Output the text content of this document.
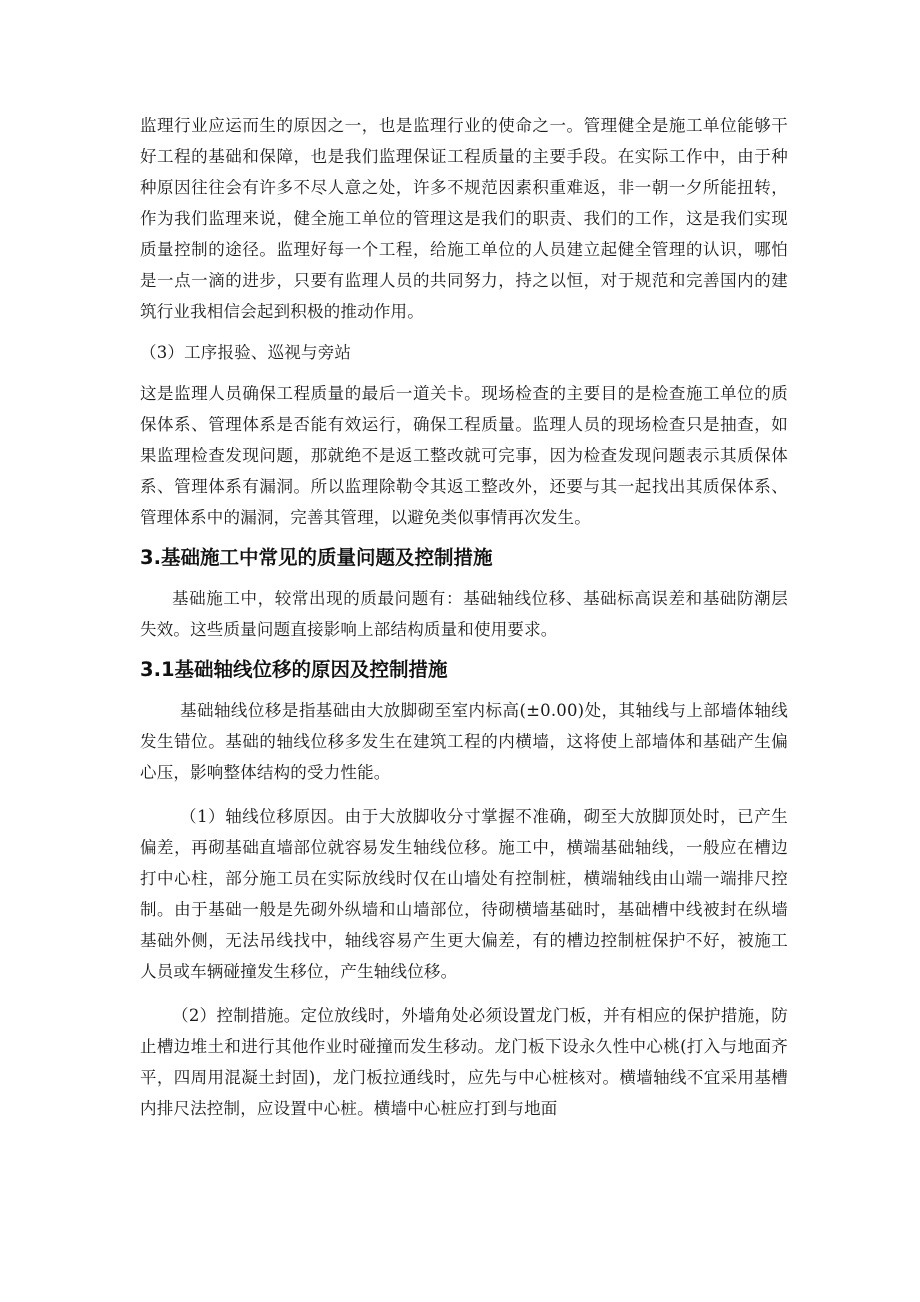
监理行业应运而生的原因之一，也是监理行业的使命之一。管理健全是施工单位能够干好工程的基础和保障，也是我们监理保证工程质量的主要手段。在实际工作中，由于种种原因往往会有许多不尽人意之处，许多不规范因素积重难返，非一朝一夕所能扭转，作为我们监理来说，健全施工单位的管理这是我们的职责、我们的工作，这是我们实现质量控制的途径。监理好每一个工程，给施工单位的人员建立起健全管理的认识，哪怕是一点一滴的进步，只要有监理人员的共同努力，持之以恒，对于规范和完善国内的建筑行业我相信会起到积极的推动作用。

（3）工序报验、巡视与旁站

这是监理人员确保工程质量的最后一道关卡。现场检查的主要目的是检查施工单位的质保体系、管理体系是否能有效运行，确保工程质量。监理人员的现场检查只是抽查，如果监理检查发现问题，那就绝不是返工整改就可完事，因为检查发现问题表示其质保体系、管理体系有漏洞。所以监理除勒令其返工整改外，还要与其一起找出其质保体系、管理体系中的漏洞，完善其管理，以避免类似事情再次发生。

3.基础施工中常见的质量问题及控制措施

基础施工中，较常出现的质最问题有：基础轴线位移、基础标高误差和基础防潮层失效。这些质量问题直接影响上部结构质量和使用要求。

3.1基础轴线位移的原因及控制措施

基础轴线位移是指基础由大放脚砌至室内标高(±0.00)处，其轴线与上部墙体轴线发生错位。基础的轴线位移多发生在建筑工程的内横墙，这将使上部墙体和基础产生偏心压，影响整体结构的受力性能。

（1）轴线位移原因。由于大放脚收分寸掌握不准确，砌至大放脚顶处时，已产生偏差，再砌基础直墙部位就容易发生轴线位移。施工中，横端基础轴线，一般应在槽边打中心柱，部分施工员在实际放线时仅在山墙处有控制桩，横端轴线由山端一端排尺控制。由于基础一般是先砌外纵墙和山墙部位，待砌横墙基础时，基础槽中线被封在纵墙基础外侧，无法吊线找中，轴线容易产生更大偏差，有的槽边控制桩保护不好，被施工人员或车辆碰撞发生移位，产生轴线位移。

（2）控制措施。定位放线时，外墙角处必须设置龙门板，并有相应的保护措施，防止槽边堆土和进行其他作业时碰撞而发生移动。龙门板下设永久性中心桃(打入与地面齐平，四周用混凝土封固)，龙门板拉通线时，应先与中心桩核对。横墙轴线不宜采用基槽内排尺法控制，应设置中心桩。横墙中心桩应打到与地面
